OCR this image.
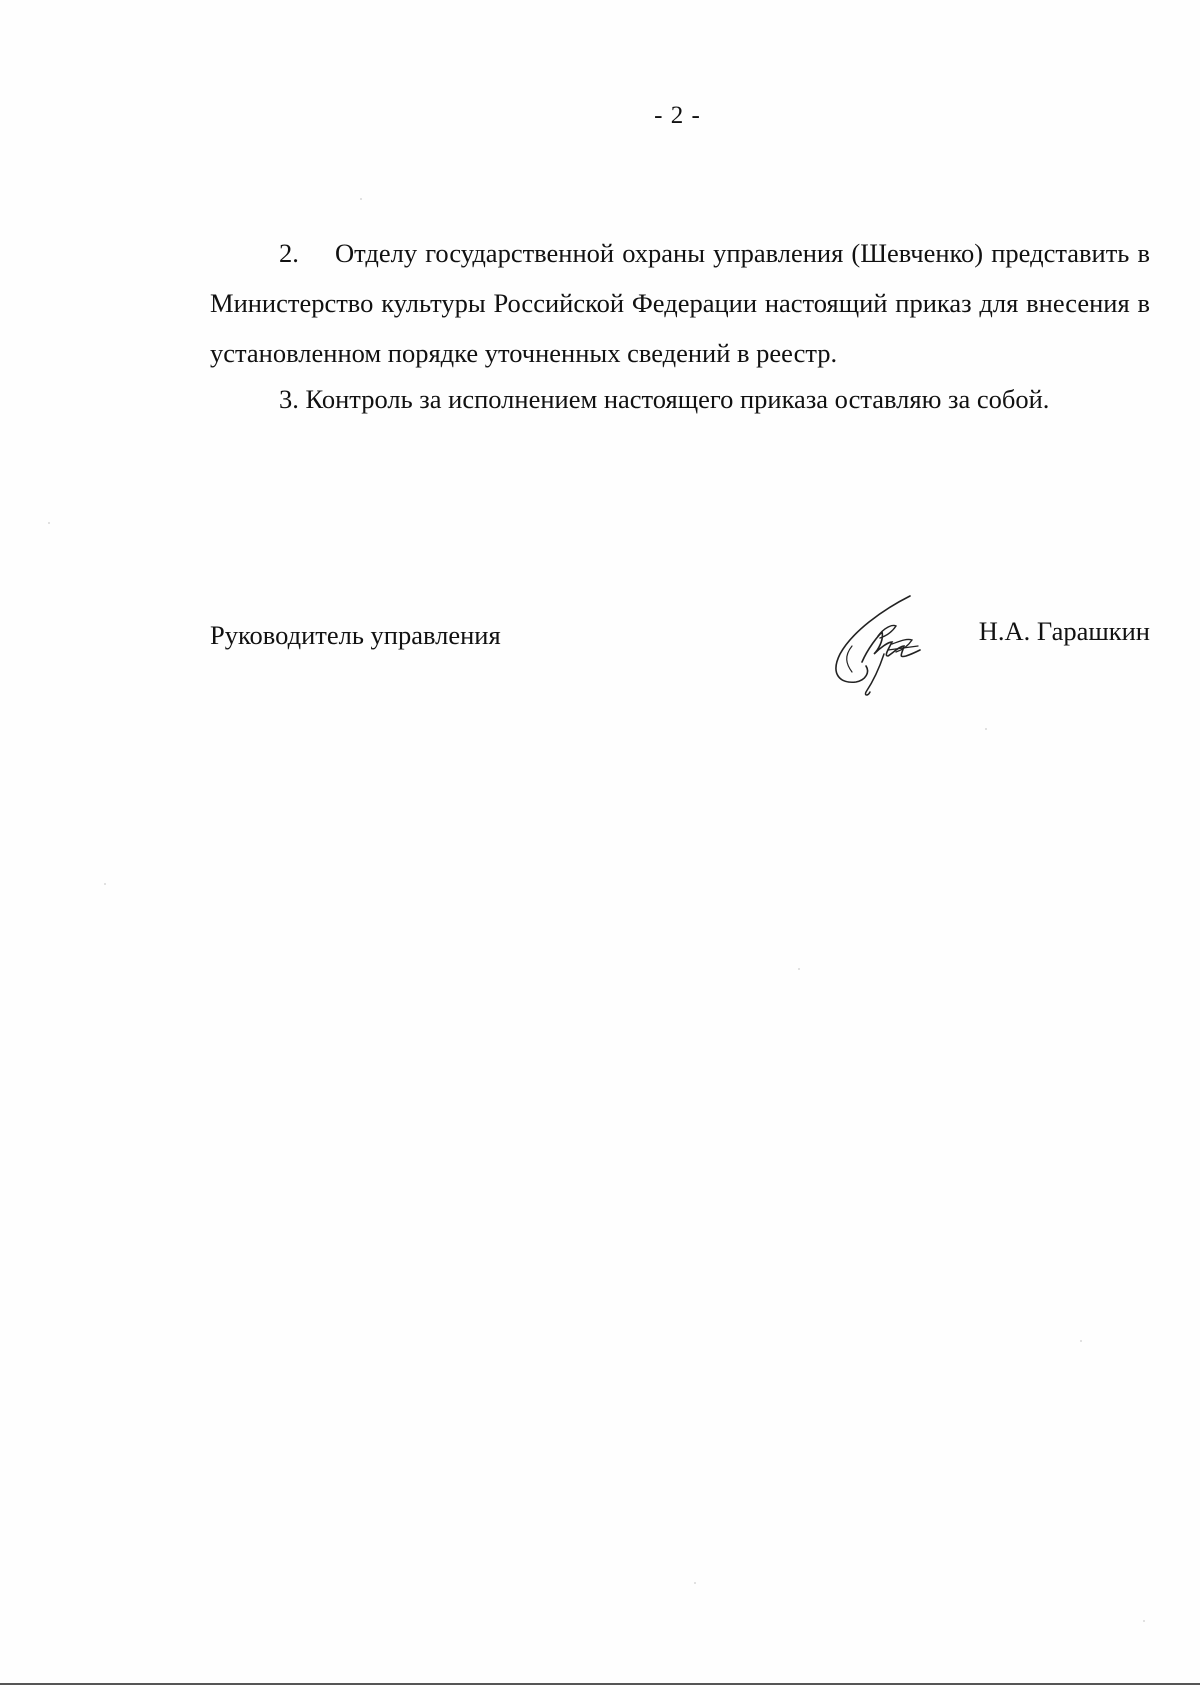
- 2 -

2. Отделу государственной охраны управления (Шевченко) представить в Министерство культуры Российской Федерации настоящий приказ для внесения в установленном порядке уточненных сведений в реестр.

3. Контроль за исполнением настоящего приказа оставляю за собой.

Руководитель управления	Н.А. Гарашкин
